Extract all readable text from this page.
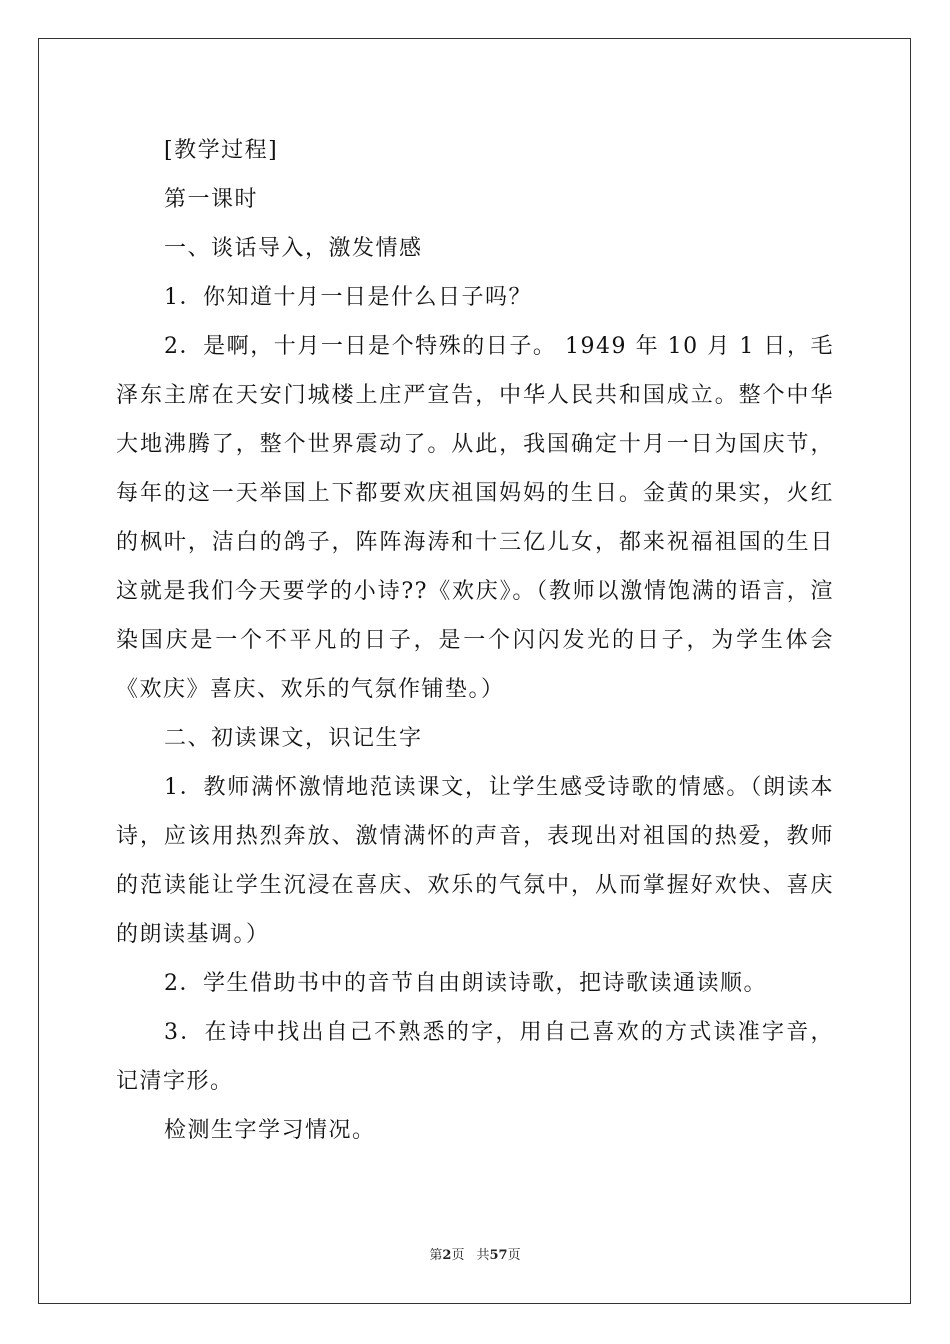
[教学过程]

第一课时

一、谈话导入，激发情感

1．你知道十月一日是什么日子吗？

2．是啊，十月一日是个特殊的日子。 1949 年 10 月 1 日，毛泽东主席在天安门城楼上庄严宣告，中华人民共和国成立。整个中华大地沸腾了，整个世界震动了。从此，我国确定十月一日为国庆节，每年的这一天举国上下都要欢庆祖国妈妈的生日。金黄的果实，火红的枫叶，洁白的鸽子，阵阵海涛和十三亿儿女，都来祝福祖国的生日这就是我们今天要学的小诗??《欢庆》。（教师以激情饱满的语言，渲染国庆是一个不平凡的日子，是一个闪闪发光的日子，为学生体会《欢庆》喜庆、欢乐的气氛作铺垫。）

二、初读课文，识记生字

1．教师满怀激情地范读课文，让学生感受诗歌的情感。（朗读本诗，应该用热烈奔放、激情满怀的声音，表现出对祖国的热爱，教师的范读能让学生沉浸在喜庆、欢乐的气氛中，从而掌握好欢快、喜庆的朗读基调。）

2．学生借助书中的音节自由朗读诗歌，把诗歌读通读顺。

3．在诗中找出自己不熟悉的字，用自己喜欢的方式读准字音，记清字形。

检测生字学习情况。

第2页 共57页
